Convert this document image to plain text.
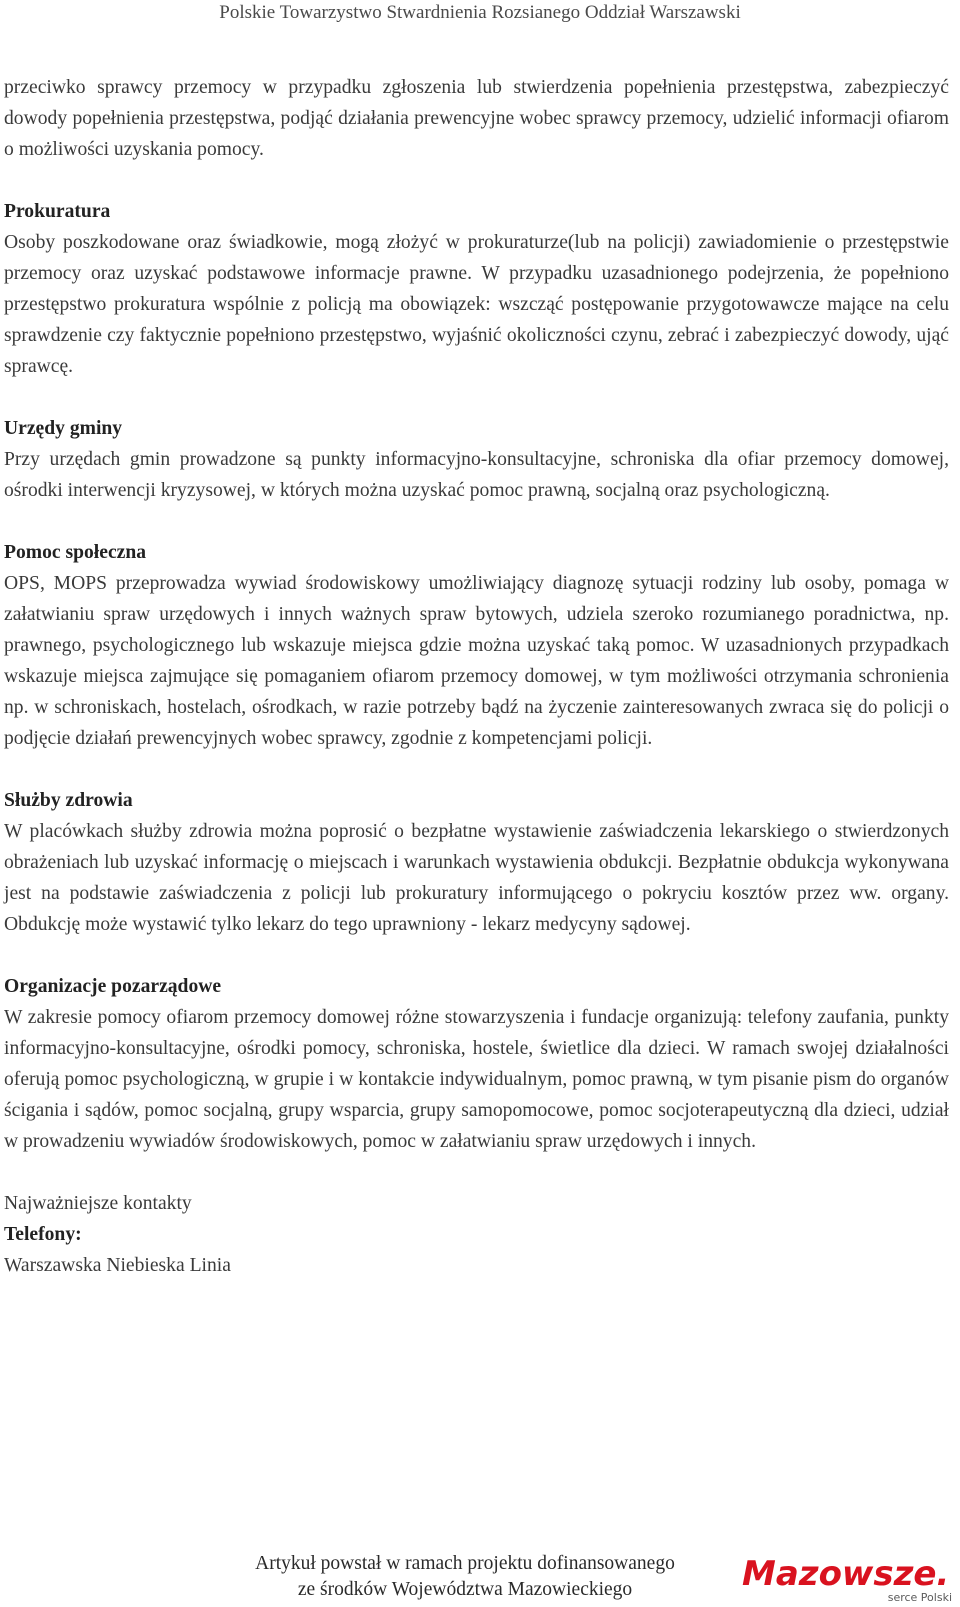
Polskie Towarzystwo Stwardnienia Rozsianego Oddział Warszawski

przeciwko sprawcy przemocy w przypadku zgłoszenia lub stwierdzenia popełnienia przestępstwa, zabezpieczyć dowody popełnienia przestępstwa, podjąć działania prewencyjne wobec sprawcy przemocy, udzielić informacji ofiarom o możliwości uzyskania pomocy.

Prokuratura

Osoby poszkodowane oraz świadkowie, mogą złożyć w prokuraturze(lub na policji) zawiadomienie o przestępstwie przemocy oraz uzyskać podstawowe informacje prawne. W przypadku uzasadnionego podejrzenia, że popełniono przestępstwo prokuratura wspólnie z policją ma obowiązek: wszcząć postępowanie przygotowawcze mające na celu sprawdzenie czy faktycznie popełniono przestępstwo, wyjaśnić okoliczności czynu, zebrać i zabezpieczyć dowody, ująć sprawcę.

Urzędy gminy

Przy urzędach gmin prowadzone są punkty informacyjno-konsultacyjne, schroniska dla ofiar przemocy domowej, ośrodki interwencji kryzysowej, w których można uzyskać pomoc prawną, socjalną oraz psychologiczną.

Pomoc społeczna

OPS, MOPS przeprowadza wywiad środowiskowy umożliwiający diagnozę sytuacji rodziny lub osoby, pomaga w załatwianiu spraw urzędowych i innych ważnych spraw bytowych, udziela szeroko rozumianego poradnictwa, np. prawnego, psychologicznego lub wskazuje miejsca gdzie można uzyskać taką pomoc. W uzasadnionych przypadkach wskazuje miejsca zajmujące się pomaganiem ofiarom przemocy domowej, w tym możliwości otrzymania schronienia np. w schroniskach, hostelach, ośrodkach, w razie potrzeby bądź na życzenie zainteresowanych zwraca się do policji o podjęcie działań prewencyjnych wobec sprawcy, zgodnie z kompetencjami policji.

Służby zdrowia

W placówkach służby zdrowia można poprosić o bezpłatne wystawienie zaświadczenia lekarskiego o stwierdzonych obrażeniach lub uzyskać informację o miejscach i warunkach wystawienia obdukcji. Bezpłatnie obdukcja wykonywana jest na podstawie zaświadczenia z policji lub prokuratury informującego o pokryciu kosztów przez ww. organy. Obdukcję może wystawić tylko lekarz do tego uprawniony - lekarz medycyny sądowej.

Organizacje pozarządowe

W zakresie pomocy ofiarom przemocy domowej różne stowarzyszenia i fundacje organizują: telefony zaufania, punkty informacyjno-konsultacyjne, ośrodki pomocy, schroniska, hostele, świetlice dla dzieci. W ramach swojej działalności oferują pomoc psychologiczną, w grupie i w kontakcie indywidualnym, pomoc prawną, w tym pisanie pism do organów ścigania i sądów, pomoc socjalną, grupy wsparcia, grupy samopomocowe, pomoc socjoterapeutyczną dla dzieci, udział w prowadzeniu wywiadów środowiskowych, pomoc w załatwianiu spraw urzędowych i innych.

Najważniejsze kontakty

Telefony:

Warszawska Niebieska Linia

Artykuł powstał w ramach projektu dofinansowanego
ze środków Województwa Mazowieckiego	Mazowsze.
serce Polski
